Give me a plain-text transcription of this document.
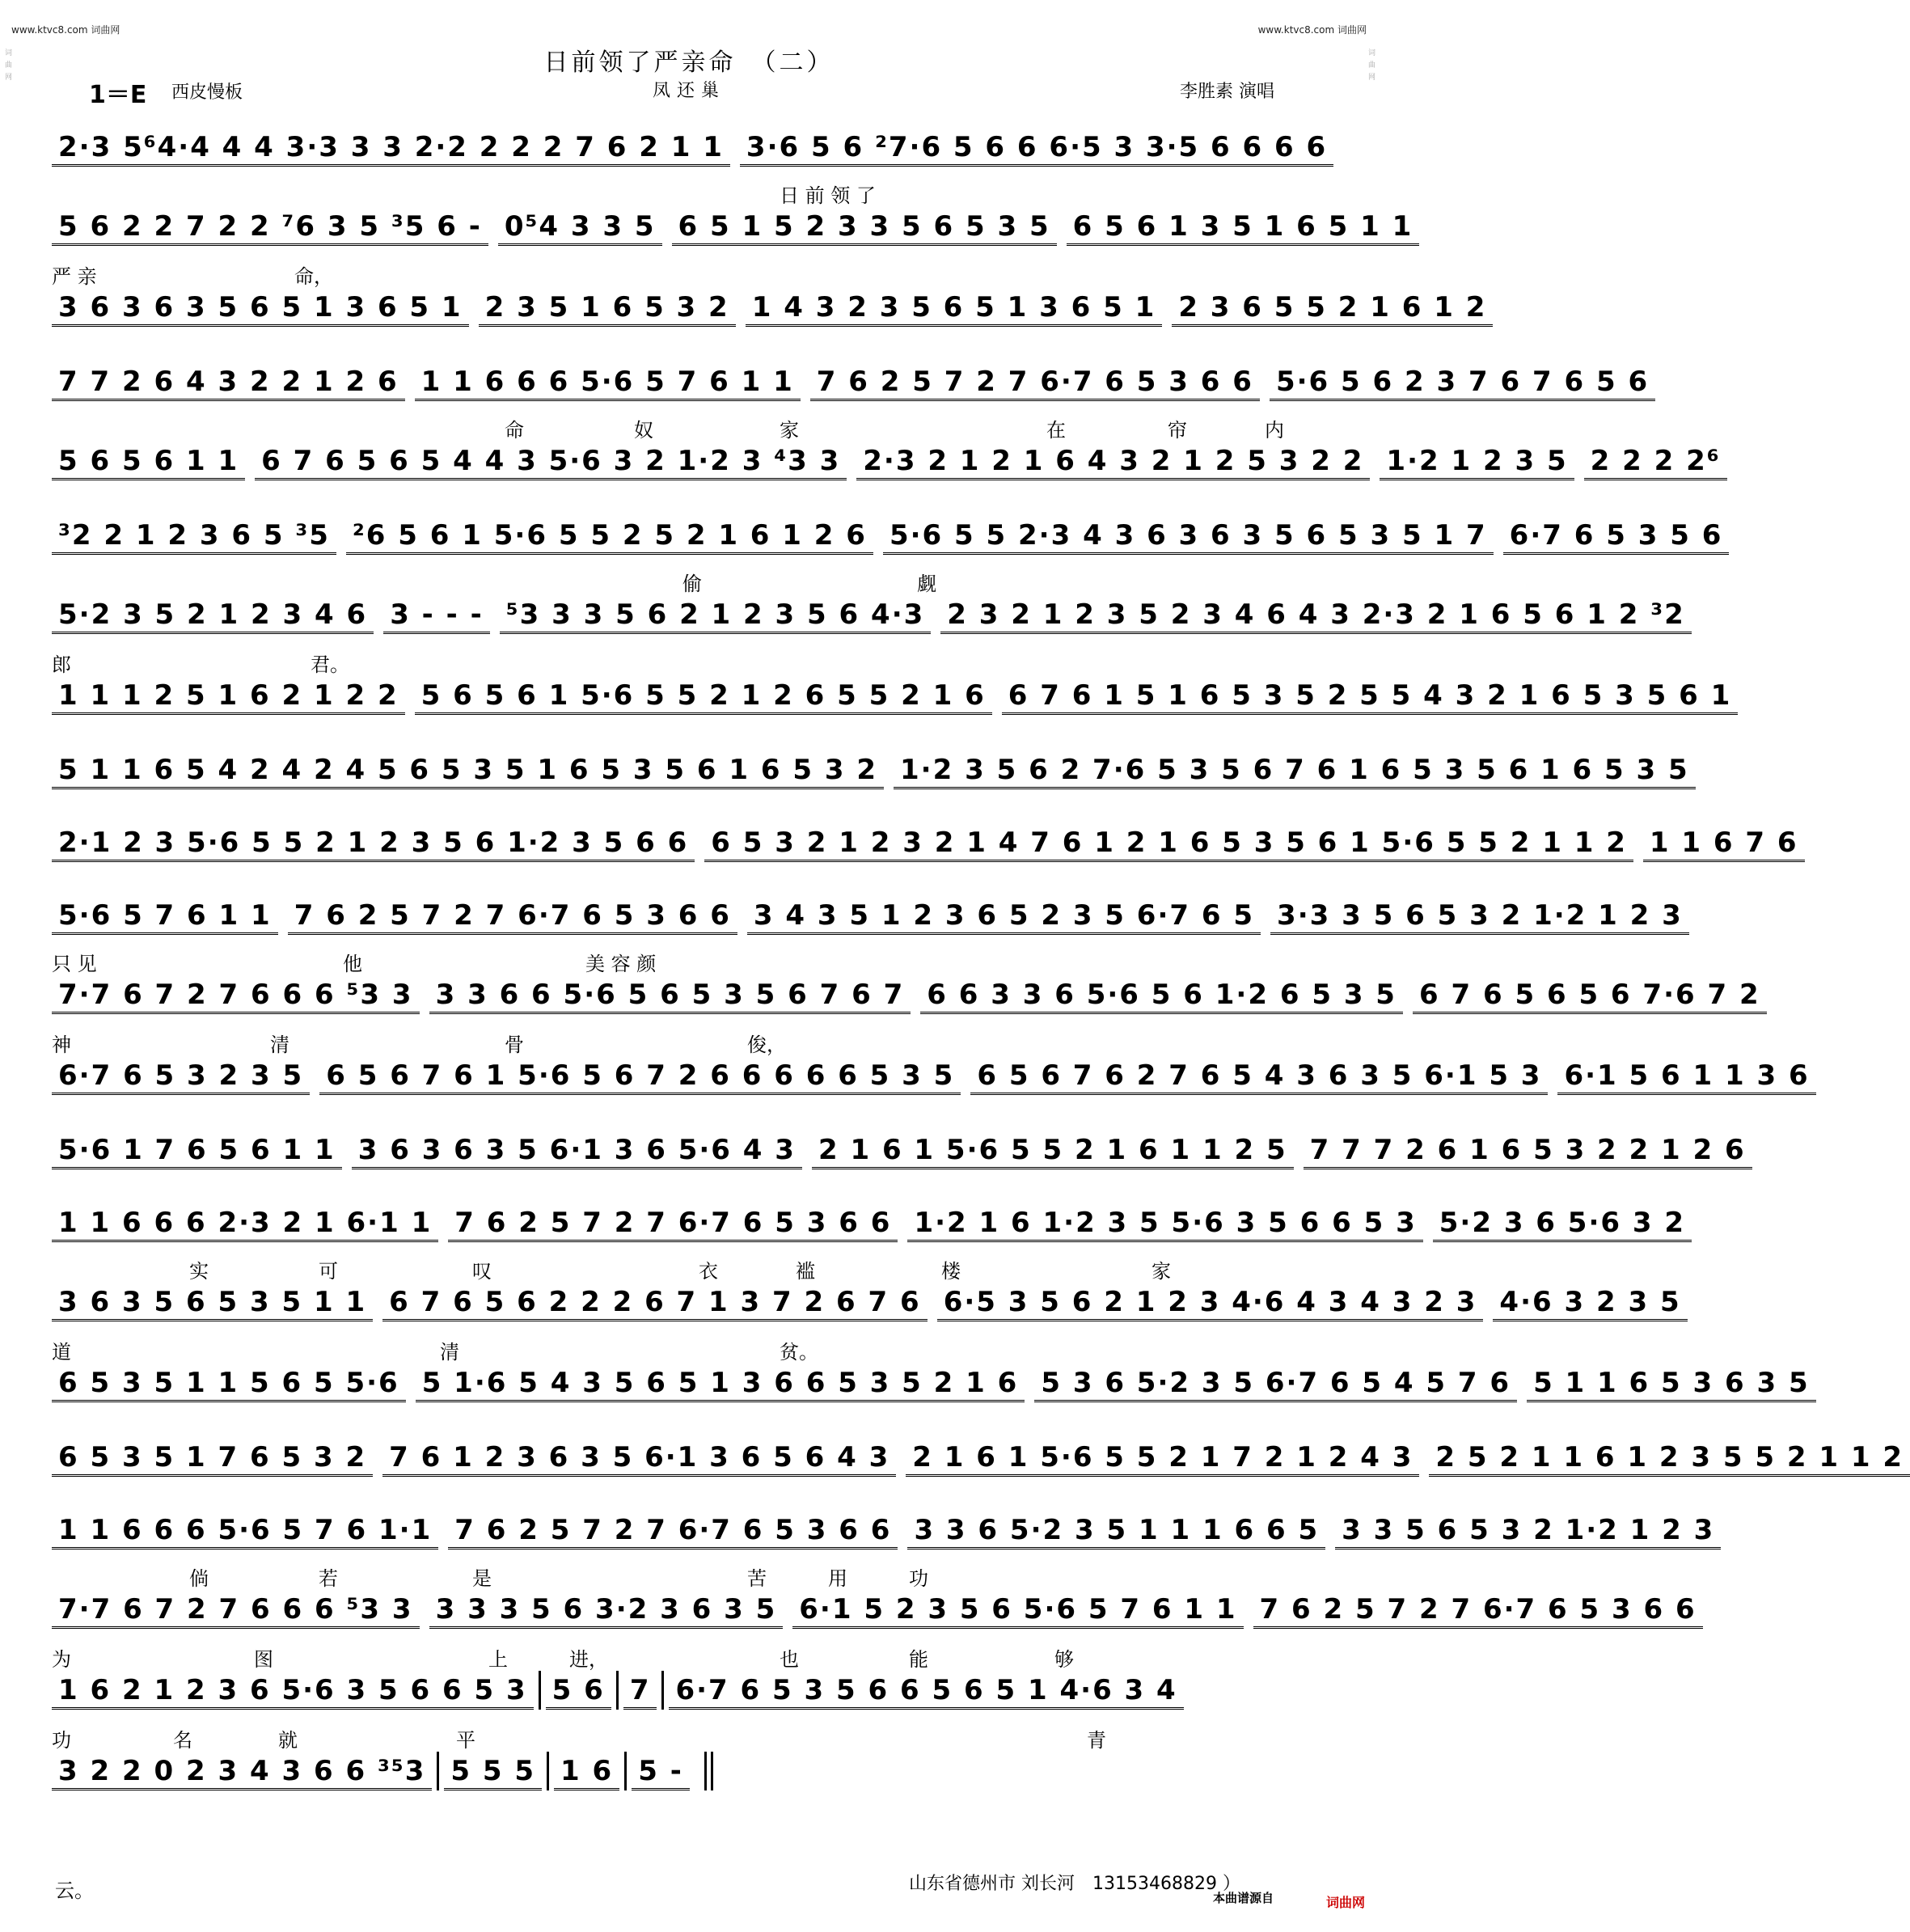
www.ktvc8.com 词曲网	www.ktvc8.com 词曲网
词曲网	词曲网
日前领了严亲命　（二）
1＝E 西皮慢板	凤还巢	李胜素 演唱
2·3 5⁶4·4 4 4 3·3 3 3 2·2 2 2 2 7 6 2 1 1 3·6 5 6 ²7·6 5 6 6 6·5 3 3·5 6 6 6 6
日 前 领 了
5 6 2 2 7 2 2 ⁷6 3 5 ³5 6 - 0⁵4 3 3 5 6 5 1 5 2 3 3 5 6 5 3 5 6 5 6 1 3 5 1 6 5 1 1
严 亲	命，
3 6 3 6 3 5 6 5 1 3 6 5 1 2 3 5 1 6 5 3 2 1 4 3 2 3 5 6 5 1 3 6 5 1 2 3 6 5 5 2 1 6 1 2
7 7 2 6 4 3 2 2 1 2 6 1 1 6 6 6 5·6 5 7 6 1 1 7 6 2 5 7 2 7 6·7 6 5 3 6 6 5·6 5 6 2 3 7 6 7 6 5 6
命	奴	家	在	帘	内
5 6 5 6 1 1 6 7 6 5 6 5 4 4 3 5·6 3 2 1·2 3 ⁴3 3 2·3 2 1 2 1 6 4 3 2 1 2 5 3 2 2 1·2 1 2 3 5 2 2 2 2⁶
³2 2 1 2 3 6 5 ³5 ²6 5 6 1 5·6 5 5 2 5 2 1 6 1 2 6 5·6 5 5 2·3 4 3 6 3 6 3 5 6 5 3 5 1 7 6·7 6 5 3 5 6
偷	觑
5·2 3 5 2 1 2 3 4 6 3 - - - ⁵3 3 3 5 6 2 1 2 3 5 6 4·3 2 3 2 1 2 3 5 2 3 4 6 4 3 2·3 2 1 6 5 6 1 2 ³2
郎	君。
1 1 1 2 5 1 6 2 1 2 2 5 6 5 6 1 5·6 5 5 2 1 2 6 5 5 2 1 6 6 7 6 1 5 1 6 5 3 5 2 5 5 4 3 2 1 6 5 3 5 6 1
5 1 1 6 5 4 2 4 2 4 5 6 5 3 5 1 6 5 3 5 6 1 6 5 3 2 1·2 3 5 6 2 7·6 5 3 5 6 7 6 1 6 5 3 5 6 1 6 5 3 5
2·1 2 3 5·6 5 5 2 1 2 3 5 6 1·2 3 5 6 6 6 5 3 2 1 2 3 2 1 4 7 6 1 2 1 6 5 3 5 6 1 5·6 5 5 2 1 1 2 1 1 6 7 6
5·6 5 7 6 1 1 7 6 2 5 7 2 7 6·7 6 5 3 6 6 3 4 3 5 1 2 3 6 5 2 3 5 6·7 6 5 3·3 3 5 6 5 3 2 1·2 1 2 3
只 见	他	美 容 颜
7·7 6 7 2 7 6 6 6 ⁵3 3 3 3 6 6 5·6 5 6 5 3 5 6 7 6 7 6 6 3 3 6 5·6 5 6 1·2 6 5 3 5 6 7 6 5 6 5 6 7·6 7 2
神	清	骨	俊，
6·7 6 5 3 2 3 5 6 5 6 7 6 1 5·6 5 6 7 2 6 6 6 6 6 5 3 5 6 5 6 7 6 2 7 6 5 4 3 6 3 5 6·1 5 3 6·1 5 6 1 1 3 6
5·6 1 7 6 5 6 1 1 3 6 3 6 3 5 6·1 3 6 5·6 4 3 2 1 6 1 5·6 5 5 2 1 6 1 1 2 5 7 7 7 2 6 1 6 5 3 2 2 1 2 6
1 1 6 6 6 2·3 2 1 6·1 1 7 6 2 5 7 2 7 6·7 6 5 3 6 6 1·2 1 6 1·2 3 5 5·6 3 5 6 6 5 3 5·2 3 6 5·6 3 2
实	可	叹	衣	褴	楼	家
3 6 3 5 6 5 3 5 1 1 6 7 6 5 6 2 2 2 6 7 1 3 7 2 6 7 6 6·5 3 5 6 2 1 2 3 4·6 4 3 4 3 2 3 4·6 3 2 3 5
道	清	贫。
6 5 3 5 1 1 5 6 5 5·6 5 1·6 5 4 3 5 6 5 1 3 6 6 5 3 5 2 1 6 5 3 6 5·2 3 5 6·7 6 5 4 5 7 6 5 1 1 6 5 3 6 3 5
6 5 3 5 1 7 6 5 3 2 7 6 1 2 3 6 3 5 6·1 3 6 5 6 4 3 2 1 6 1 5·6 5 5 2 1 7 2 1 2 4 3 2 5 2 1 1 6 1 2 3 5 5 2 1 1 2
1 1 6 6 6 5·6 5 7 6 1·1 7 6 2 5 7 2 7 6·7 6 5 3 6 6 3 3 6 5·2 3 5 1 1 1 6 6 5 3 3 5 6 5 3 2 1·2 1 2 3
倘	若	是	苦	用	功
7·7 6 7 2 7 6 6 6 ⁵3 3 3 3 3 5 6 3·2 3 6 3 5 6·1 5 2 3 5 6 5·6 5 7 6 1 1 7 6 2 5 7 2 7 6·7 6 5 3 6 6
为	图	上	进，	也	能	够
1 6 2 1 2 3 6 5·6 3 5 6 6 5 3 5 6 7 6·7 6 5 3 5 6 6 5 6 5 1 4·6 3 4
功	名	就	平	青
3 2 2 0 2 3 4 3 6 6 ³⁵3 5 5 5 1 6 5 -
云。	山东省德州市 刘长河　13153468829 ）
本曲谱源自	词曲网
